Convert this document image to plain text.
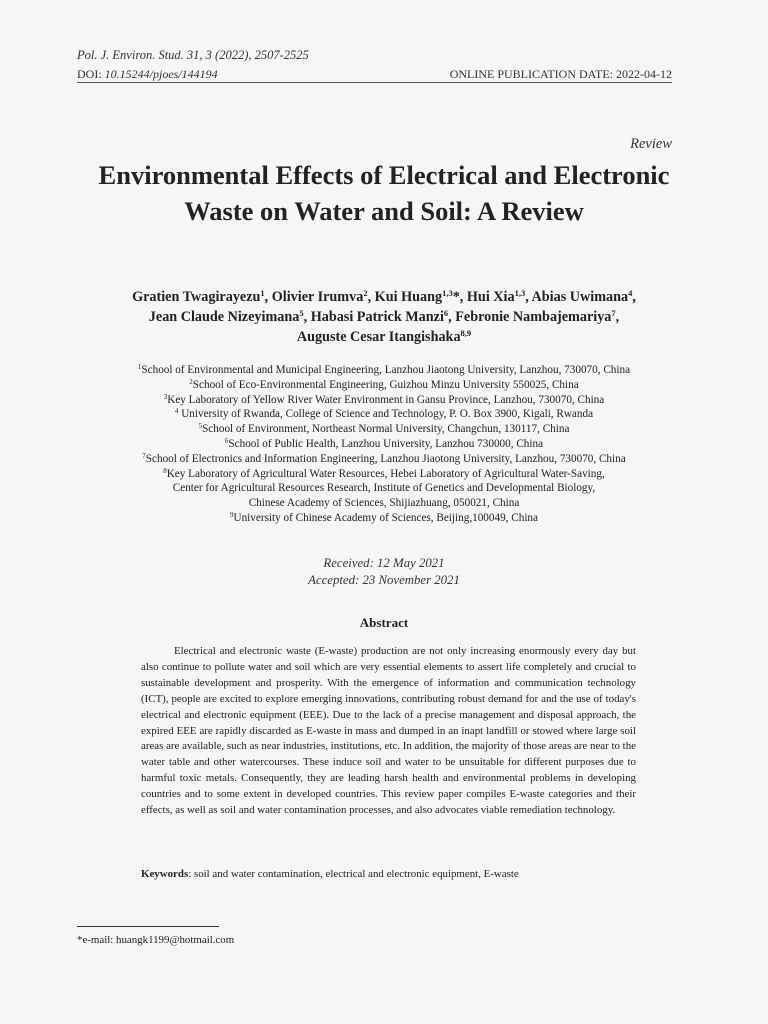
Pol. J. Environ. Stud. 31, 3 (2022), 2507-2525
DOI: 10.15244/pjoes/144194	ONLINE PUBLICATION DATE: 2022-04-12
Review
Environmental Effects of Electrical and Electronic
Waste on Water and Soil: A Review
Gratien Twagirayezu$^1$, Olivier Irumva$^2$, Kui Huang$^{1,3}$*, Hui Xia$^{1,3}$, Abias Uwimana$^4$,
Jean Claude Nizeyimana$^5$, Habasi Patrick Manzi$^6$, Febronie Nambajemariya$^7$,
Auguste Cesar Itangishaka$^{8,9}$
$^1$School of Environmental and Municipal Engineering, Lanzhou Jiaotong University, Lanzhou, 730070, China
$^2$School of Eco-Environmental Engineering, Guizhou Minzu University 550025, China
$^3$Key Laboratory of Yellow River Water Environment in Gansu Province, Lanzhou, 730070, China
$^4$ University of Rwanda, College of Science and Technology, P. O. Box 3900, Kigali, Rwanda
$^5$School of Environment, Northeast Normal University, Changchun, 130117, China
$^6$School of Public Health, Lanzhou University, Lanzhou 730000, China
$^7$School of Electronics and Information Engineering, Lanzhou Jiaotong University, Lanzhou, 730070, China
$^8$Key Laboratory of Agricultural Water Resources, Hebei Laboratory of Agricultural Water-Saving,
Center for Agricultural Resources Research, Institute of Genetics and Developmental Biology,
Chinese Academy of Sciences, Shijiazhuang, 050021, China
$^9$University of Chinese Academy of Sciences, Beijing,100049, China
Received: 12 May 2021
Accepted: 23 November 2021
Abstract
Electrical and electronic waste (E-waste) production are not only increasing enormously every day but also continue to pollute water and soil which are very essential elements to assert life completely and crucial to sustainable development and prosperity. With the emergence of information and communication technology (ICT), people are excited to explore emerging innovations, contributing robust demand for and the use of today's electrical and electronic equipment (EEE). Due to the lack of a precise management and disposal approach, the expired EEE are rapidly discarded as E-waste in mass and dumped in an inapt landfill or stowed where large soil areas are available, such as near industries, institutions, etc. In addition, the majority of those areas are near to the water table and other watercourses. These induce soil and water to be unsuitable for different purposes due to harmful toxic metals. Consequently, they are leading harsh health and environmental problems in developing countries and to some extent in developed countries. This review paper compiles E-waste categories and their effects, as well as soil and water contamination processes, and also advocates viable remediation technology.
Keywords: soil and water contamination, electrical and electronic equipment, E-waste
*e-mail: huangk1199@hotmail.com
